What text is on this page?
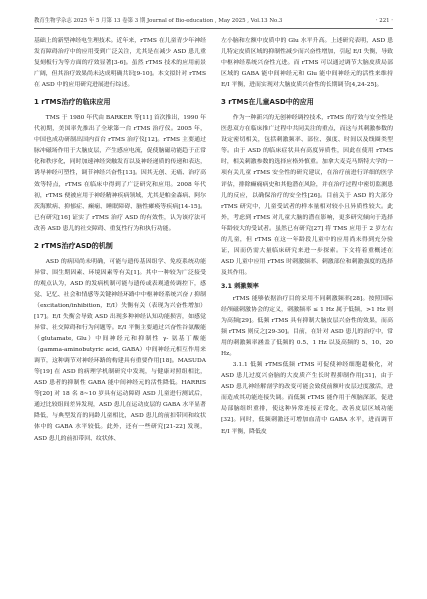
教育生物学杂志 2025 年 5 月第 13 卷第 3 期 Journal of Bio-education , May 2025 , Vol.13 No.3	· 221 ·

基础上的新型神经电生理技术。近年来，rTMS 在儿童青少年神经发育障碍治疗中的应用受到广泛关注，尤其是在减少 ASD 患儿重复刻板行为等方面的疗效显著[3-6]。虽然 rTMS 技术的应用前景广阔，但其治疗效果尚未达成明确共识[9-10]。本文拟针对 rTMS 在 ASD 中的应用研究进展进行综述。

1 rTMS治疗的临床应用

TMS 于 1980 年代由 BARKER 等[11] 首次推出，1990 年代初期，美国率先推出了全球第一台 rTMS 治疗仪。2005 年，中国也成功研制出国内首台 rTMS 治疗仪[12]。rTMS 主要通过脉冲磁场作用于大脑皮层，产生感应电流，促使脑磁功能趋于正常化和秩序化，同时加速神经突触发育以及神经递质的传递和表达，诱导神经可塑性，调节神经兴奋性[13]。因其无创、无痛、治疗高效等特点，rTMS 在临床中得到了广泛研究和应用。2008 年代初，rTMS 便被应用于神经精神疾病领域，尤其是帕金森病、阿尔茨海默病、抑郁症、癫痫、睡眠障碍、脑性瘫痪等疾病[14-15]。已有研究[16] 证实了 rTMS 治疗 ASD 的有效性，认为该疗法可改善 ASD 患儿的社交障碍、重复性行为和执行功能。

2 rTMS治疗ASD的机制

ASD 的病因尚未明确，可能与遗传基因组学、免疫系统功能异常、围生期因素、环境因素等有关[1]。其中一种较为广泛接受的观点认为，ASD 的发病机制可能与遗传或表观遗传调控下，感觉、记忆、社会和情感等关键神经环路中中枢神经系统兴奋 / 抑制（excitation/inhibition，E/I）失衡有关（表现为兴奋性增加）[17]。E/I 失衡会导致 ASD 出现多种神经认知功能损害，如感觉异常、社交障碍和行为问题等。E/I 平衡主要通过兴奋性谷氨酸能（glutamate, Glu）中间神经元和抑制性 γ- 氨基丁酸能（gamma-aminobutyric acid, GABA）中间神经元相互作用来调节，这种调节对神经环路的构建具有重要作用[18]。MASUDA 等[19] 在 ASD 的病理学机制研究中发现，与健康对照组相比，ASD 患者的抑制性 GABA 能中间神经元的活性降低。HARRIS 等[20] 对 18 名 8~10 岁具有运动障碍 ASD 儿童进行测试后，通过比较组间差异发现，ASD 患儿在运动皮层的 GABA 水平显著降低，与典型发育的同龄儿童相比，ASD 患儿的前扣带回和纹状体中的 GABA 水平较低。此外，还有一些研究[21-22] 发现，ASD 患儿的前扣带回、纹状体、

左小脑和左额中皮质中的 Glu 水平升高。上述研究表明，ASD 患儿特定皮质区域的抑制性减少而兴奋性增加，引起 E/I 失衡，导致中枢神经系统兴奋性亢进。而 rTMS 可以通过调节大脑皮质局部区域的 GABA 能中间神经元和 Glu 能中间神经元的活性来维持 E/I 平衡，进而实现对大脑皮质兴奋性的长期调节[4,24-25]。

3 rTMS在儿童ASD中的应用

作为一种新兴的无创神经调控技术，rTMS 的疗效与安全性是医患双方在临床推广过程中共同关注的重点，而这与其刺激参数的设定密切相关，包括刺激频率、部位、强度、时间以及线圈类型等。由于 ASD 的临床症状具有高度异质性，因此在使用 rTMS 时，相关刺激参数的选择应格外慎重。加拿大麦克马斯特大学的一项有关儿童 rTMS 安全性的研究建议，在治疗前进行详细的医学评估，排除癫痫病史和其他潜在风险，并在治疗过程中密切监测患儿的反应，以确保治疗的安全性[26]。目前关于 ASD 的大部分 rTMS 研究中，儿童受试者的样本量相对较小且异质性较大。此外，考虑到 rTMS 对儿童大脑的潜在影响，更多研究倾向于选择年龄较大的受试者。虽然已有研究[27] 将 TMS 应用于 2 岁左右的儿童，但 rTMS 在这一年龄段儿童中的应用尚未得到充分验证，因而仍需大量临床研究来进一步探索。下文将着重概述在 ASD 儿童中应用 rTMS 时刺激频率、刺激部位和刺激强度的选择及其作用。

3.1 刺激频率

rTMS 能够依据治疗目的采用不同刺激频率[28]。按照国际经颅磁刺激协会的定义，刺激频率 ≤ 1 Hz 属于低频，>1 Hz 则为高频[29]。低频 rTMS 具有抑制大脑皮层兴奋性的效果，而高频 rTMS 则反之[29-30]。目前，在针对 ASD 患儿的治疗中，常用的刺激频率涵盖了低频的 0.5、1 Hz 以及高频的 5、10、20 Hz。

3.1.1 低频 rTMS低频 rTMS 可促使神经细胞超极化，对 ASD 患儿过度兴奋脑的大皮质产生长时程抑制作用[31]，由于 ASD 患儿神经解剖学的改变可能会致使前额叶皮层过度激活，进而造成其功能连接失调。而低频 rTMS 能作用于颅脑深部，促进局部脑组织重排，使这种异常连接正常化，改善皮层区域功能[32]。同时，低频刺激还可增加血清中 GABA 水平，进而调节 E/I 平衡，降低皮
